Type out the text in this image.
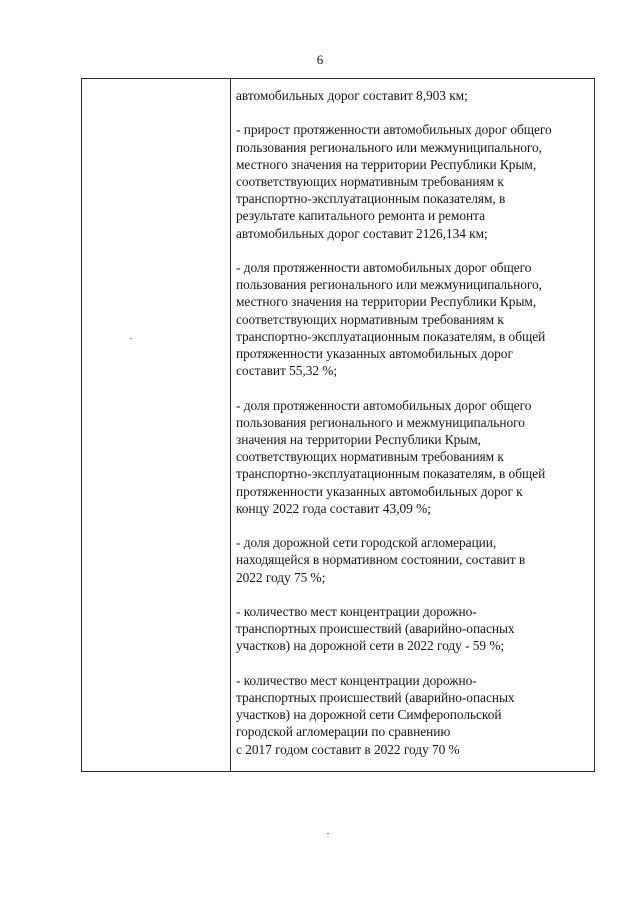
6
автомобильных дорог составит 8,903 км;
- прирост протяженности автомобильных дорог общего
пользования регионального или межмуниципального,
местного значения на территории Республики Крым,
соответствующих нормативным требованиям к
транспортно-эксплуатационным показателям, в
результате капитального ремонта и ремонта
автомобильных дорог составит 2126,134 км;
- доля протяженности автомобильных дорог общего
пользования регионального или межмуниципального,
местного значения на территории Республики Крым,
соответствующих нормативным требованиям к
транспортно-эксплуатационным показателям, в общей
протяженности указанных автомобильных дорог
составит 55,32 %;
- доля протяженности автомобильных дорог общего
пользования регионального и межмуниципального
значения на территории Республики Крым,
соответствующих нормативным требованиям к
транспортно-эксплуатационным показателям, в общей
протяженности указанных автомобильных дорог к
концу 2022 года составит 43,09 %;
- доля дорожной сети городской агломерации,
находящейся в нормативном состоянии, составит в
2022 году 75 %;
- количество мест концентрации дорожно-
транспортных происшествий (аварийно-опасных
участков) на дорожной сети в 2022 году - 59 %;
- количество мест концентрации дорожно-
транспортных происшествий (аварийно-опасных
участков) на дорожной сети Симферопольской
городской агломерации по сравнению
с 2017 годом составит в 2022 году 70 %
